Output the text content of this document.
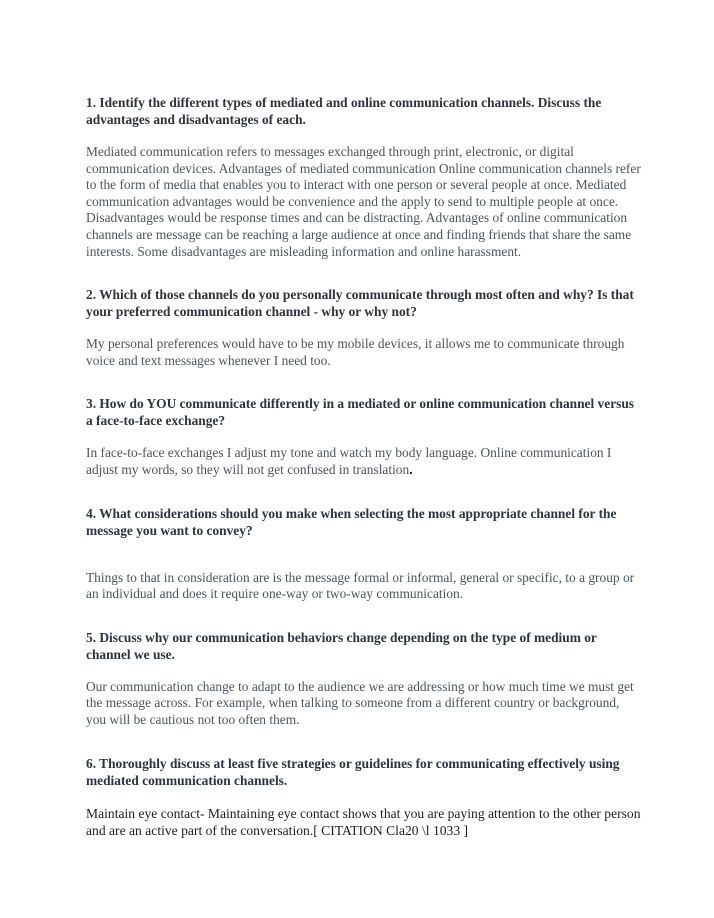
1. Identify the different types of mediated and online communication channels. Discuss the advantages and disadvantages of each.

Mediated communication refers to messages exchanged through print, electronic, or digital communication devices. Advantages of mediated communication Online communication channels refer to the form of media that enables you to interact with one person or several people at once. Mediated communication advantages would be convenience and the apply to send to multiple people at once. Disadvantages would be response times and can be distracting. Advantages of online communication channels are message can be reaching a large audience at once and finding friends that share the same interests. Some disadvantages are misleading information and online harassment.

2. Which of those channels do you personally communicate through most often and why? Is that your preferred communication channel - why or why not?

My personal preferences would have to be my mobile devices, it allows me to communicate through voice and text messages whenever I need too.

3. How do YOU communicate differently in a mediated or online communication channel versus a face-to-face exchange?

In face-to-face exchanges I adjust my tone and watch my body language. Online communication I adjust my words, so they will not get confused in translation.

4. What considerations should you make when selecting the most appropriate channel for the message you want to convey?

Things to that in consideration are is the message formal or informal, general or specific, to a group or an individual and does it require one-way or two-way communication.

5. Discuss why our communication behaviors change depending on the type of medium or channel we use.

Our communication change to adapt to the audience we are addressing or how much time we must get the message across. For example, when talking to someone from a different country or background, you will be cautious not too often them.

6. Thoroughly discuss at least five strategies or guidelines for communicating effectively using mediated communication channels.

Maintain eye contact- Maintaining eye contact shows that you are paying attention to the other person and are an active part of the conversation.[ CITATION Cla20 \l 1033 ]
